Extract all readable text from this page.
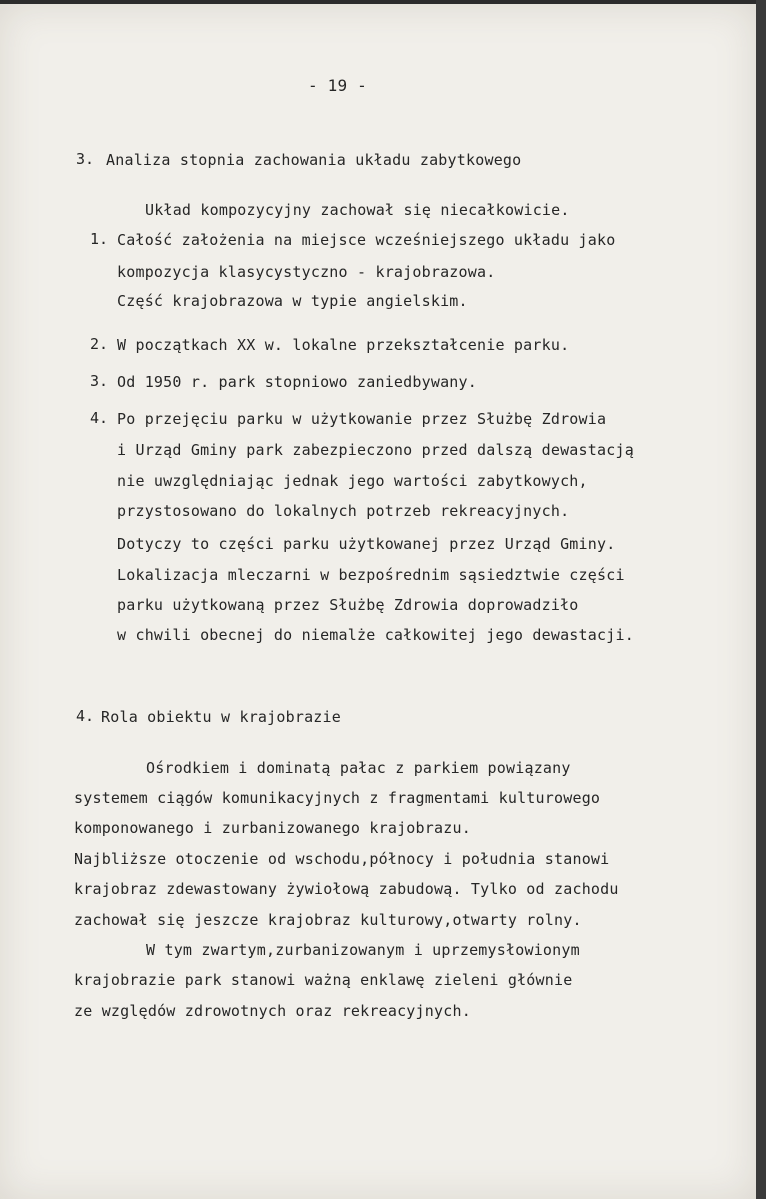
- 19 -
3. Analiza stopnia zachowania układu zabytkowego
Układ kompozycyjny zachował się niecałkowicie.
1. Całość założenia na miejsce wcześniejszego układu jako
kompozycja klasycystyczno - krajobrazowa.
Część krajobrazowa w typie angielskim.
2. W początkach XX w. lokalne przekształcenie parku.
3. Od 1950 r. park stopniowo zaniedbywany.
4. Po przejęciu parku w użytkowanie przez Służbę Zdrowia
i Urząd Gminy park zabezpieczono przed dalszą dewastacją
nie uwzględniając jednak jego wartości zabytkowych,
przystosowano do lokalnych potrzeb rekreacyjnych.
Dotyczy to części parku użytkowanej przez Urząd Gminy.
Lokalizacja mleczarni w bezpośrednim sąsiedztwie części
parku użytkowaną przez Służbę Zdrowia doprowadziło
w chwili obecnej do niemalże całkowitej jego dewastacji.
4. Rola obiektu w krajobrazie
Ośrodkiem i dominatą pałac z parkiem powiązany
systemem ciągów komunikacyjnych z fragmentami kulturowego
komponowanego i zurbanizowanego krajobrazu.
Najbliższe otoczenie od wschodu,północy i południa stanowi
krajobraz zdewastowany żywiołową zabudową. Tylko od zachodu
zachował się jeszcze krajobraz kulturowy,otwarty rolny.
W tym zwartym,zurbanizowanym i uprzemysłowionym
krajobrazie park stanowi ważną enklawę zieleni głównie
ze względów zdrowotnych oraz rekreacyjnych.
